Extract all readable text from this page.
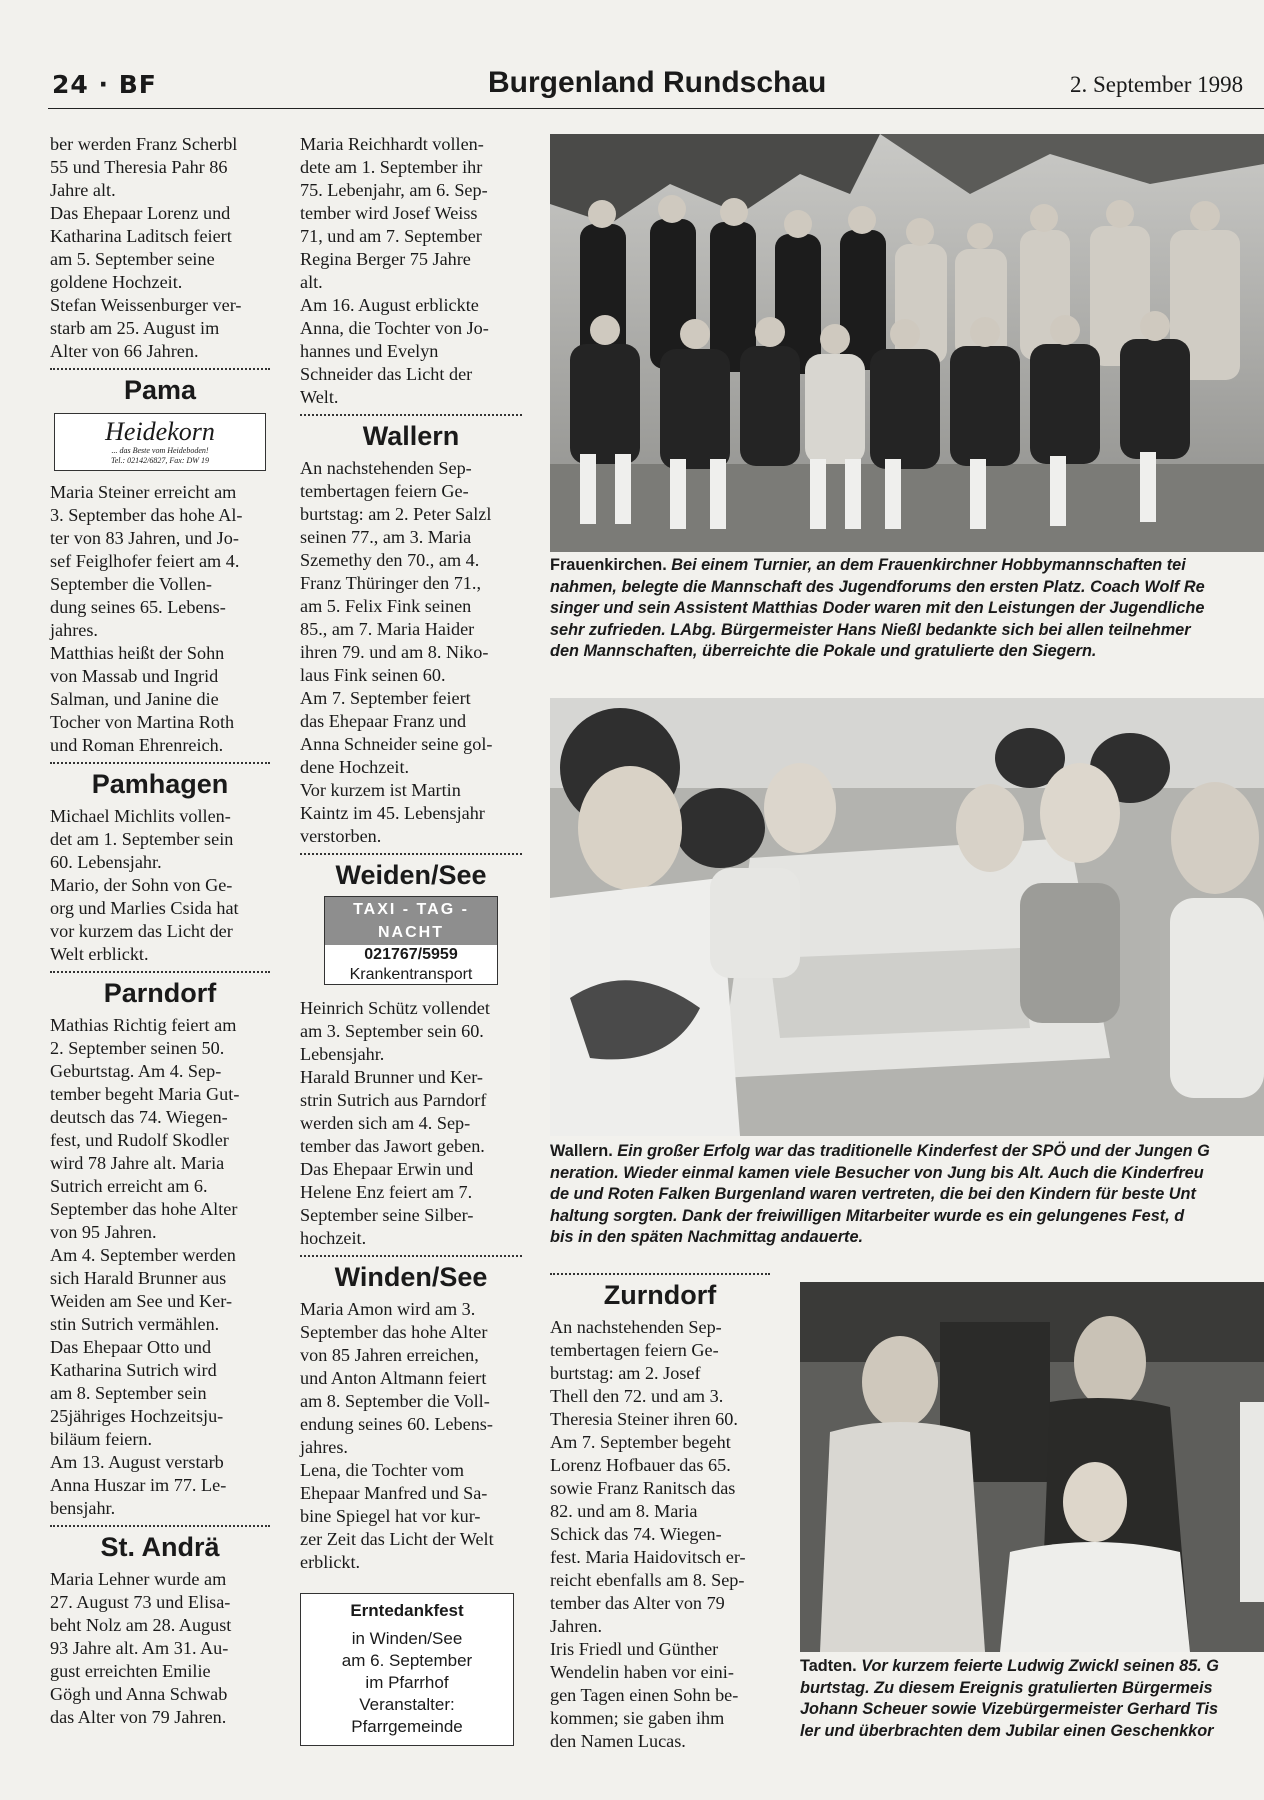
24 · BF	Burgenland Rundschau	2. September 1998

ber werden Franz Scherbl

55 und Theresia Pahr 86

Jahre alt.

Das Ehepaar Lorenz und

Katharina Laditsch feiert

am 5. September seine

goldene Hochzeit.

Stefan Weissenburger ver-

starb am 25. August im

Alter von 66 Jahren.

Pama
Heidekorn
... das Beste vom Heideboden!
Tel.: 02142/6827, Fax: DW 19

Maria Steiner erreicht am

3. September das hohe Al-

ter von 83 Jahren, und Jo-

sef Feiglhofer feiert am 4.

September die Vollen-

dung seines 65. Lebens-

jahres.

Matthias heißt der Sohn

von Massab und Ingrid

Salman, und Janine die

Tocher von Martina Roth

und Roman Ehrenreich.

Pamhagen

Michael Michlits vollen-

det am 1. September sein

60. Lebensjahr.

Mario, der Sohn von Ge-

org und Marlies Csida hat

vor kurzem das Licht der

Welt erblickt.

Parndorf

Mathias Richtig feiert am

2. September seinen 50.

Geburtstag. Am 4. Sep-

tember begeht Maria Gut-

deutsch das 74. Wiegen-

fest, und Rudolf Skodler

wird 78 Jahre alt. Maria

Sutrich erreicht am 6.

September das hohe Alter

von 95 Jahren.

Am 4. September werden

sich Harald Brunner aus

Weiden am See und Ker-

stin Sutrich vermählen.

Das Ehepaar Otto und

Katharina Sutrich wird

am 8. September sein

25jähriges Hochzeitsju-

biläum feiern.

Am 13. August verstarb

Anna Huszar im 77. Le-

bensjahr.

St. Andrä

Maria Lehner wurde am

27. August 73 und Elisa-

beht Nolz am 28. August

93 Jahre alt. Am 31. Au-

gust erreichten Emilie

Gögh und Anna Schwab

das Alter von 79 Jahren.

Maria Reichhardt vollen-

dete am 1. September ihr

75. Lebenjahr, am 6. Sep-

tember wird Josef Weiss

71, und am 7. September

Regina Berger 75 Jahre

alt.

Am 16. August erblickte

Anna, die Tochter von Jo-

hannes und Evelyn

Schneider das Licht der

Welt.

Wallern

An nachstehenden Sep-

tembertagen feiern Ge-

burtstag: am 2. Peter Salzl

seinen 77., am 3. Maria

Szemethy den 70., am 4.

Franz Thüringer den 71.,

am 5. Felix Fink seinen

85., am 7. Maria Haider

ihren 79. und am 8. Niko-

laus Fink seinen 60.

Am 7. September feiert

das Ehepaar Franz und

Anna Schneider seine gol-

dene Hochzeit.

Vor kurzem ist Martin

Kaintz im 45. Lebensjahr

verstorben.

Weiden/See
TAXI - TAG - NACHT
021767/5959
Krankentransport

Heinrich Schütz vollendet

am 3. September sein 60.

Lebensjahr.

Harald Brunner und Ker-

strin Sutrich aus Parndorf

werden sich am 4. Sep-

tember das Jawort geben.

Das Ehepaar Erwin und

Helene Enz feiert am 7.

September seine Silber-

hochzeit.

Winden/See

Maria Amon wird am 3.

September das hohe Alter

von 85 Jahren erreichen,

und Anton Altmann feiert

am 8. September die Voll-

endung seines 60. Lebens-

jahres.

Lena, die Tochter vom

Ehepaar Manfred und Sa-

bine Spiegel hat vor kur-

zer Zeit das Licht der Welt

erblickt.

Erntedankfest
in Winden/See
am 6. September
im Pfarrhof
Veranstalter:
Pfarrgemeinde
Frauenkirchen. Bei einem Turnier, an dem Frauenkirchner Hobbymannschaften tei
nahmen, belegte die Mannschaft des Jugendforums den ersten Platz. Coach Wolf Re
singer und sein Assistent Matthias Doder waren mit den Leistungen der Jugendliche
sehr zufrieden. LAbg. Bürgermeister Hans Nießl bedankte sich bei allen teilnehmer
den Mannschaften, überreichte die Pokale und gratulierte den Siegern.
Wallern. Ein großer Erfolg war das traditionelle Kinderfest der SPÖ und der Jungen G
neration. Wieder einmal kamen viele Besucher von Jung bis Alt. Auch die Kinderfreu
de und Roten Falken Burgenland waren vertreten, die bei den Kindern für beste Unt
haltung sorgten. Dank der freiwilligen Mitarbeiter wurde es ein gelungenes Fest, d
bis in den späten Nachmittag andauerte.
Zurndorf

An nachstehenden Sep-

tembertagen feiern Ge-

burtstag: am 2. Josef

Thell den 72. und am 3.

Theresia Steiner ihren 60.

Am 7. September begeht

Lorenz Hofbauer das 65.

sowie Franz Ranitsch das

82. und am 8. Maria

Schick das 74. Wiegen-

fest. Maria Haidovitsch er-

reicht ebenfalls am 8. Sep-

tember das Alter von 79

Jahren.

Iris Friedl und Günther

Wendelin haben vor eini-

gen Tagen einen Sohn be-

kommen; sie gaben ihm

den Namen Lucas.

Tadten. Vor kurzem feierte Ludwig Zwickl seinen 85. G
burtstag. Zu diesem Ereignis gratulierten Bürgermeis
Johann Scheuer sowie Vizebürgermeister Gerhard Tis
ler und überbrachten dem Jubilar einen Geschenkkor
